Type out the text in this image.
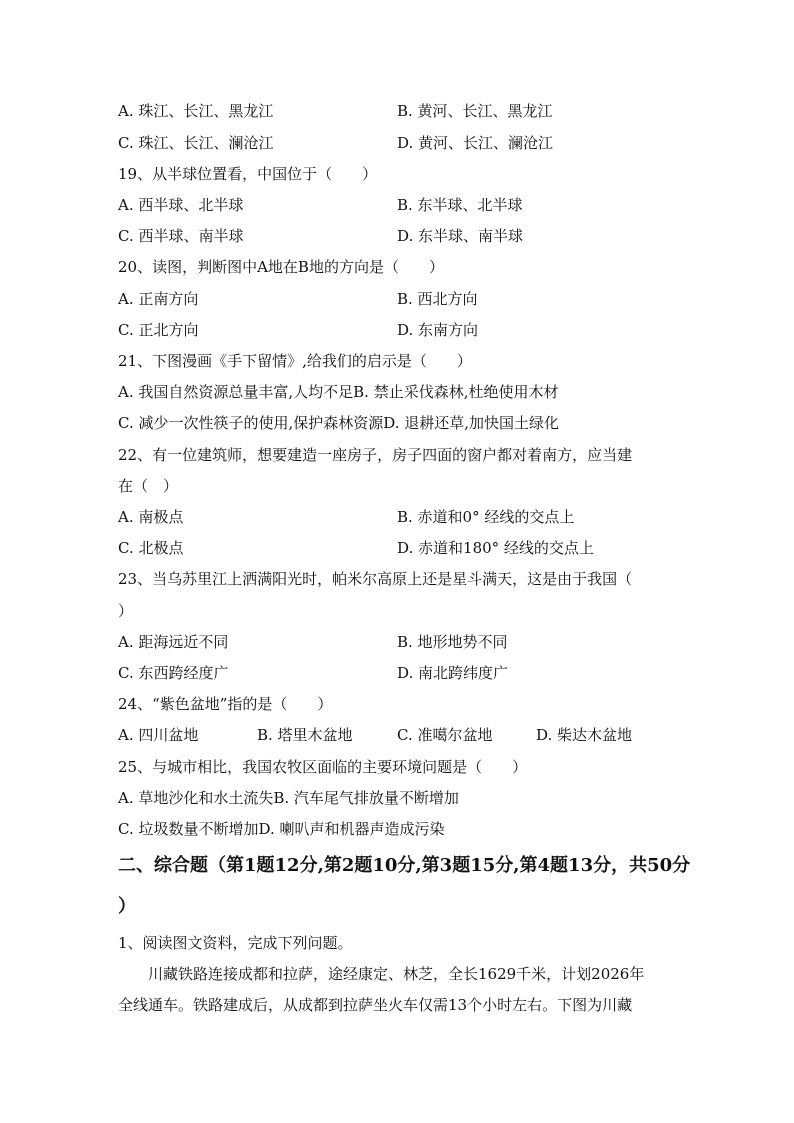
A. 珠江、长江、黑龙江	B. 黄河、长江、黑龙江
C. 珠江、长江、澜沧江	D. 黄河、长江、澜沧江
19、从半球位置看，中国位于（　　）
A. 西半球、北半球	B. 东半球、北半球
C. 西半球、南半球	D. 东半球、南半球
20、读图，判断图中A地在B地的方向是（　　）
A. 正南方向	B. 西北方向
C. 正北方向	D. 东南方向
21、下图漫画《手下留情》,给我们的启示是（　　）
A. 我国自然资源总量丰富,人均不足B. 禁止采伐森林,杜绝使用木材
C. 减少一次性筷子的使用,保护森林资源D. 退耕还草,加快国土绿化
22、有一位建筑师，想要建造一座房子，房子四面的窗户都对着南方，应当建
在（　）
A. 南极点	B. 赤道和0° 经线的交点上
C. 北极点	D. 赤道和180° 经线的交点上
23、当乌苏里江上洒满阳光时，帕米尔高原上还是星斗满天，这是由于我国（
）
A. 距海远近不同	B. 地形地势不同
C. 东西跨经度广	D. 南北跨纬度广
24、“紫色盆地”指的是（　　）
A. 四川盆地	B. 塔里木盆地	C. 准噶尔盆地	D. 柴达木盆地
25、与城市相比，我国农牧区面临的主要环境问题是（　　）
A. 草地沙化和水土流失B. 汽车尾气排放量不断增加
C. 垃圾数量不断增加D. 喇叭声和机器声造成污染
二、综合题（第1题12分,第2题10分,第3题15分,第4题13分，共50分
）
1、阅读图文资料，完成下列问题。
川藏铁路连接成都和拉萨，途经康定、林芝，全长1629千米，计划2026年
全线通车。铁路建成后，从成都到拉萨坐火车仅需13个小时左右。下图为川藏
